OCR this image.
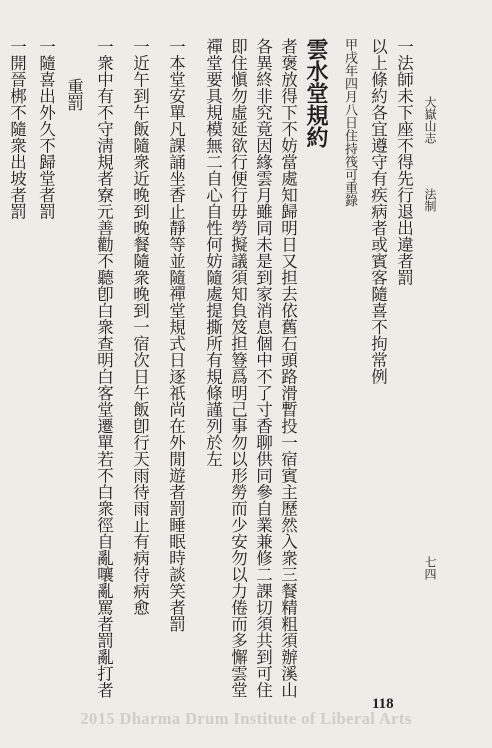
大嶽山志
法制
七四
一法師未下座不得先行退出違者罰
以上條約各宜遵守有疾病者或賓客隨喜不拘常例
甲戌年四月八日住持筏可重錄
雲水堂規約
者褒放得下不妨當處知歸明日又担去依舊石頭路滑暫投一宿賓主歷然入衆三餐精粗須辦溪山
各異終非究竟因緣雲月雖同未是到家消息個中不了寸香聊供同參自業兼修二課切須共到可住
即住愼勿虛延欲行便行毋勞擬議須知負笈担簦爲明己事勿以形勞而少安勿以力倦而多懈雲堂
禪堂要具規模無二自心自性何妨隨處提撕所有規條謹列於左
一本堂安單凡課誦坐香止靜等並隨禪堂規式日逐祇尚在外閒遊者罰睡眠時談笑者罰
一近午到午飯隨衆近晚到晚餐隨衆晚到一宿次日午飯卽行天雨待雨止有病待病愈
一衆中有不守淸規者寮元善勸不聽卽白衆查明白客堂遷單若不白衆徑自亂嚷亂罵者罰亂打者
重罰
一隨喜出外久不歸堂者罰
一開晉梆不隨衆出坡者罰
118
2015 Dharma Drum Institute of Liberal Arts
